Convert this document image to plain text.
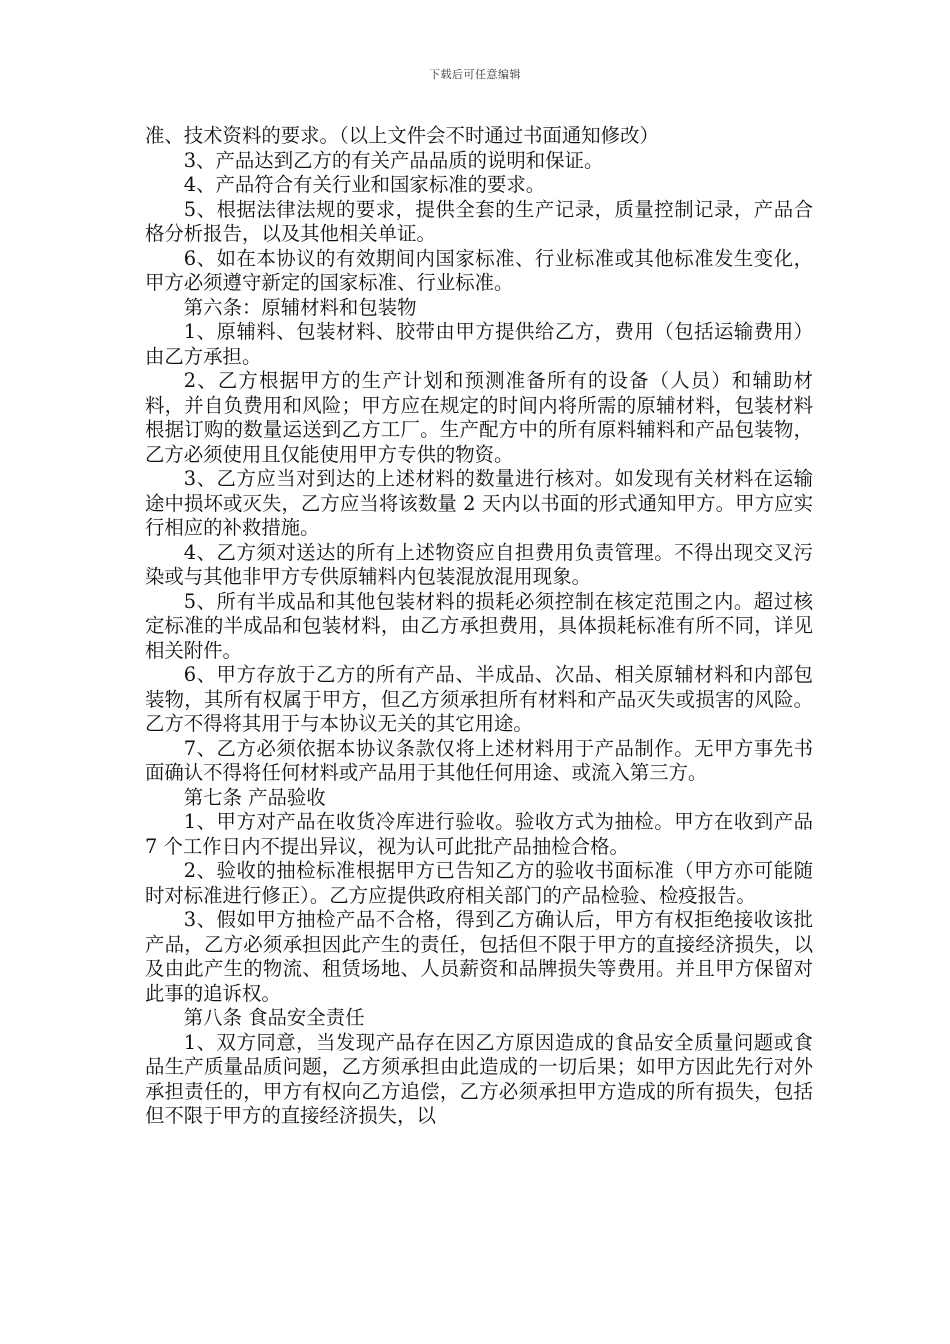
下载后可任意编辑

准、技术资料的要求。（以上文件会不时通过书面通知修改）

3、产品达到乙方的有关产品品质的说明和保证。

4、产品符合有关行业和国家标准的要求。

5、根据法律法规的要求，提供全套的生产记录，质量控制记录，产品合格分析报告，以及其他相关单证。

6、如在本协议的有效期间内国家标准、行业标准或其他标准发生变化，甲方必须遵守新定的国家标准、行业标准。

第六条：原辅材料和包装物

1、原辅料、包装材料、胶带由甲方提供给乙方，费用（包括运输费用）由乙方承担。

2、乙方根据甲方的生产计划和预测准备所有的设备（人员）和辅助材料，并自负费用和风险；甲方应在规定的时间内将所需的原辅材料，包装材料根据订购的数量运送到乙方工厂。生产配方中的所有原料辅料和产品包装物，乙方必须使用且仅能使用甲方专供的物资。

3、乙方应当对到达的上述材料的数量进行核对。如发现有关材料在运输途中损坏或灭失，乙方应当将该数量 2 天内以书面的形式通知甲方。甲方应实行相应的补救措施。

4、乙方须对送达的所有上述物资应自担费用负责管理。不得出现交叉污染或与其他非甲方专供原辅料内包装混放混用现象。

5、所有半成品和其他包装材料的损耗必须控制在核定范围之内。超过核定标准的半成品和包装材料，由乙方承担费用，具体损耗标准有所不同，详见相关附件。

6、甲方存放于乙方的所有产品、半成品、次品、相关原辅材料和内部包装物，其所有权属于甲方，但乙方须承担所有材料和产品灭失或损害的风险。乙方不得将其用于与本协议无关的其它用途。

7、乙方必须依据本协议条款仅将上述材料用于产品制作。无甲方事先书面确认不得将任何材料或产品用于其他任何用途、或流入第三方。

第七条 产品验收

1、甲方对产品在收货冷库进行验收。验收方式为抽检。甲方在收到产品 7 个工作日内不提出异议，视为认可此批产品抽检合格。

2、验收的抽检标准根据甲方已告知乙方的验收书面标准（甲方亦可能随时对标准进行修正）。乙方应提供政府相关部门的产品检验、检疫报告。

3、假如甲方抽检产品不合格，得到乙方确认后，甲方有权拒绝接收该批产品，乙方必须承担因此产生的责任，包括但不限于甲方的直接经济损失，以及由此产生的物流、租赁场地、人员薪资和品牌损失等费用。并且甲方保留对此事的追诉权。

第八条 食品安全责任

1、双方同意，当发现产品存在因乙方原因造成的食品安全质量问题或食品生产质量品质问题，乙方须承担由此造成的一切后果；如甲方因此先行对外承担责任的，甲方有权向乙方追偿，乙方必须承担甲方造成的所有损失，包括但不限于甲方的直接经济损失，以
